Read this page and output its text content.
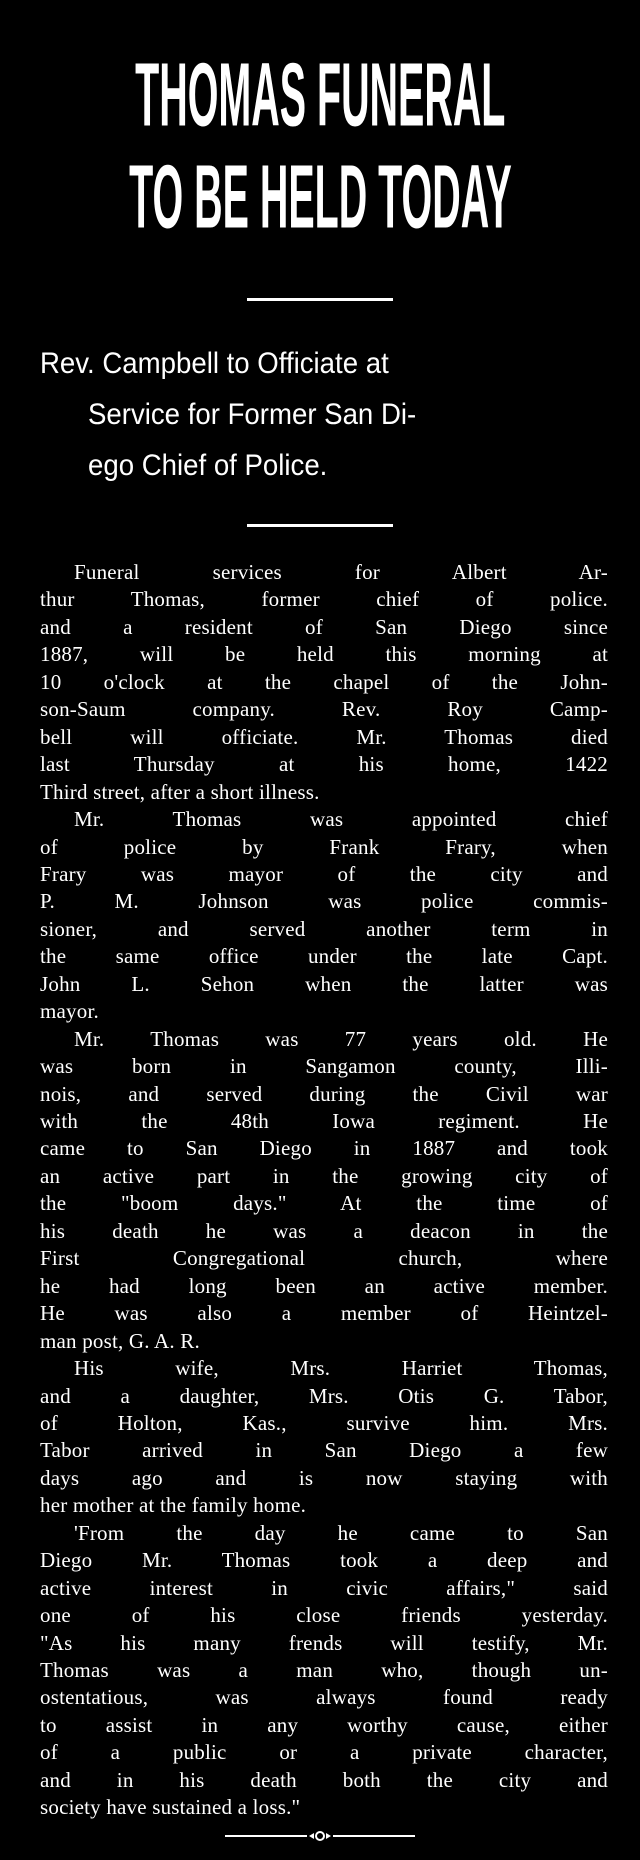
THOMAS FUNERAL
TO BE HELD TODAY
Rev. Campbell to Officiate at
Service for Former San Di-
ego Chief of Police.
Funeral services for Albert Ar-
thur Thomas, former chief of police.
and a resident of San Diego since
1887, will be held this morning at
10 o'clock at the chapel of the John-
son-Saum company. Rev. Roy Camp-
bell will officiate. Mr. Thomas died
last Thursday at his home, 1422
Third street, after a short illness.
Mr. Thomas was appointed chief
of police by Frank Frary, when
Frary was mayor of the city and
P. M. Johnson was police commis-
sioner, and served another term in
the same office under the late Capt.
John L. Sehon when the latter was
mayor.
Mr. Thomas was 77 years old. He
was born in Sangamon county, Illi-
nois, and served during the Civil war
with the 48th Iowa regiment. He
came to San Diego in 1887 and took
an active part in the growing city of
the "boom days." At the time of
his death he was a deacon in the
First Congregational church, where
he had long been an active member.
He was also a member of Heintzel-
man post, G. A. R.
His wife, Mrs. Harriet Thomas,
and a daughter, Mrs. Otis G. Tabor,
of Holton, Kas., survive him. Mrs.
Tabor arrived in San Diego a few
days ago and is now staying with
her mother at the family home.
'From the day he came to San
Diego Mr. Thomas took a deep and
active interest in civic affairs," said
one of his close friends yesterday.
"As his many frends will testify, Mr.
Thomas was a man who, though un-
ostentatious, was always found ready
to assist in any worthy cause, either
of a public or a private character,
and in his death both the city and
society have sustained a loss."
